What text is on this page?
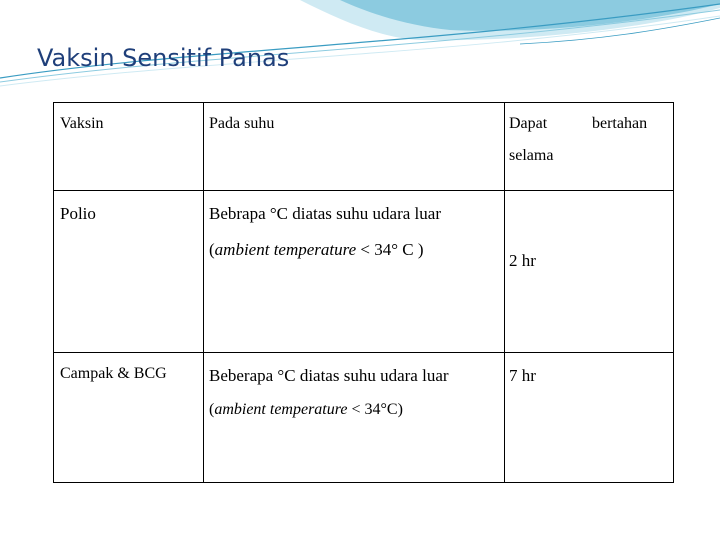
Vaksin Sensitif Panas
Vaksin	Pada suhu	Dapat bertahan
selama

Polio	Bebrapa °C diatas suhu udara luar
(ambient temperature < 34° C )	2 hr

Campak & BCG	Beberapa °C diatas suhu udara luar
(ambient temperature < 34°C)	7 hr
